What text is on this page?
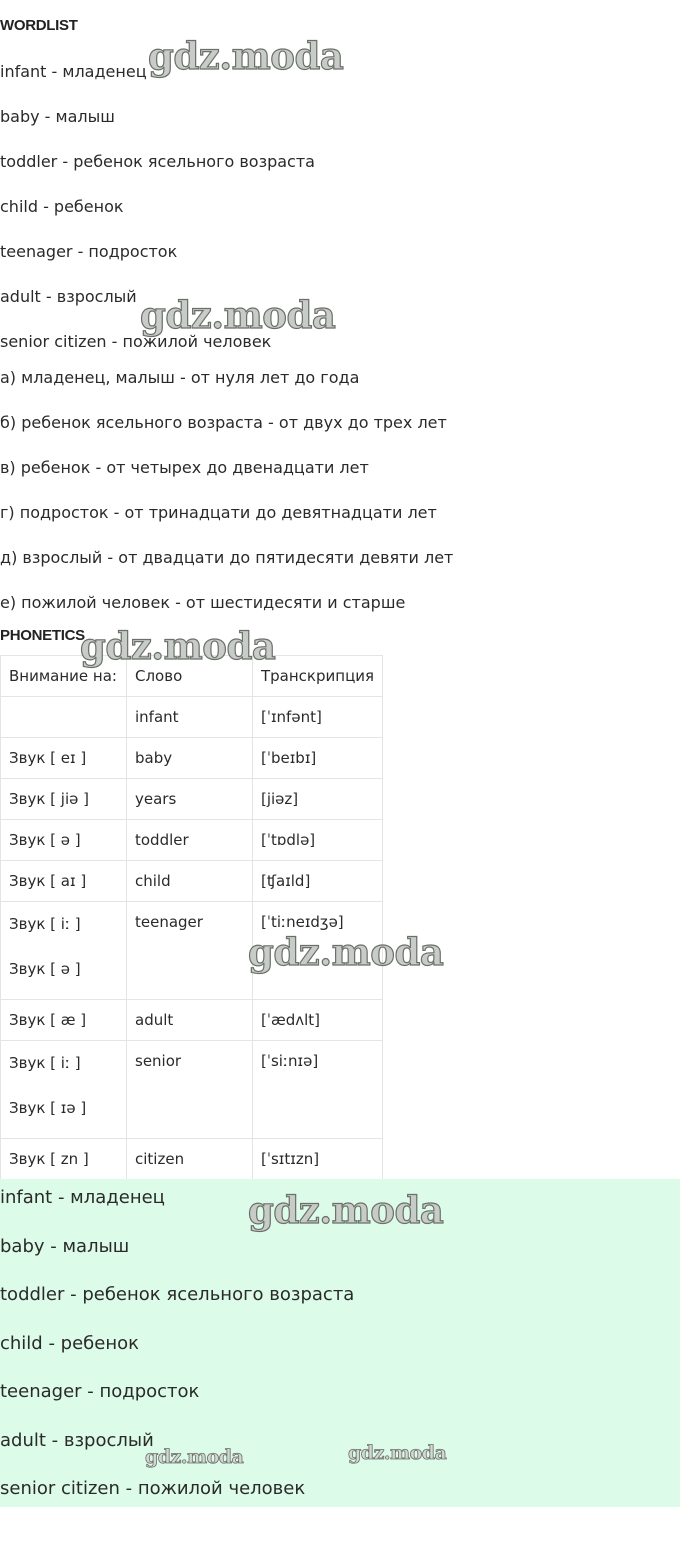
WORDLIST
infant - младенец
baby - малыш
toddler - ребенок ясельного возраста
child - ребенок
teenager - подросток
adult - взрослый
senior citizen - пожилой человек
а) младенец, малыш - от нуля лет до года
б) ребенок ясельного возраста - от двух до трех лет
в) ребенок - от четырех до двенадцати лет
г) подросток - от тринадцати до девятнадцати лет
д) взрослый - от двадцати до пятидесяти девяти лет
е) пожилой человек - от шестидесяти и старше
PHONETICS
Внимание на:	Слово	Транскрипция
	infant	[ˈɪnfənt]
Звук [ eɪ ]	baby	[ˈbeɪbɪ]
Звук [ jiə ]	years	[jiəz]
Звук [ ə ]	toddler	[ˈtɒdlə]
Звук [ aɪ ]	child	[ʧaɪld]

Звук [ iː ]
Звук [ ə ]	teenager	[ˈtiːneɪdʒə]
Звук [ æ ]	adult	[ˈædʌlt]

Звук [ iː ]
Звук [ ɪə ]	senior	[ˈsiːnɪə]
Звук [ zn ]	citizen	[ˈsɪtɪzn]
infant - младенец
baby - малыш
toddler - ребенок ясельного возраста
child - ребенок
teenager - подросток
adult - взрослый
senior citizen - пожилой человек
gdz.moda
gdz.moda
gdz.moda
gdz.moda
gdz.moda
gdz.moda	gdz.moda
